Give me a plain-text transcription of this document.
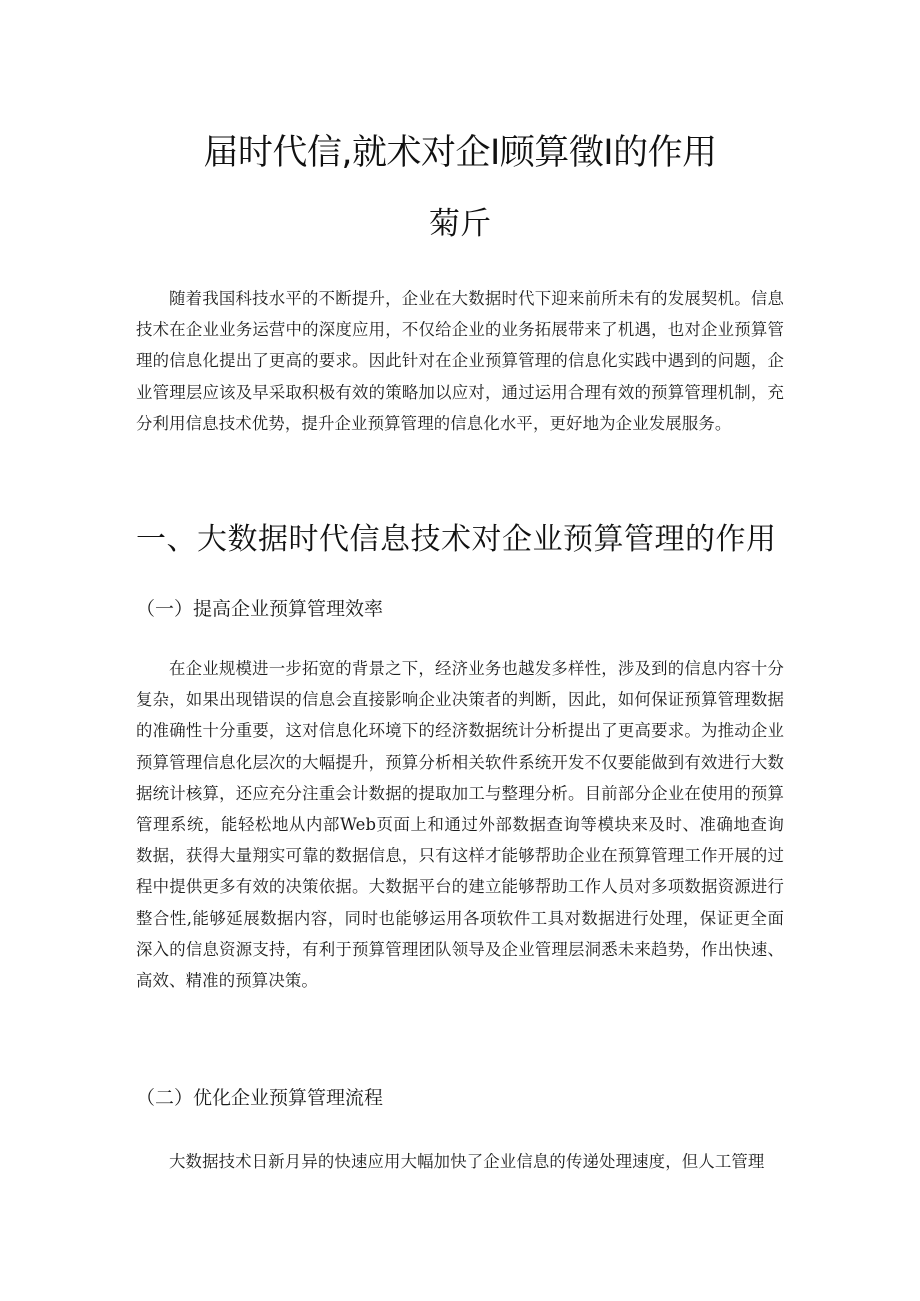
届时代信,就术对企I顾算徵I的作用
菊斤

随着我国科技水平的不断提升，企业在大数据时代下迎来前所未有的发展契机。信息技术在企业业务运营中的深度应用，不仅给企业的业务拓展带来了机遇，也对企业预算管理的信息化提出了更高的要求。因此针对在企业预算管理的信息化实践中遇到的问题，企业管理层应该及早采取积极有效的策略加以应对，通过运用合理有效的预算管理机制，充分利用信息技术优势，提升企业预算管理的信息化水平，更好地为企业发展服务。

一、大数据时代信息技术对企业预算管理的作用
（一）提高企业预算管理效率

在企业规模进一步拓宽的背景之下，经济业务也越发多样性，涉及到的信息内容十分复杂，如果出现错误的信息会直接影响企业决策者的判断，因此，如何保证预算管理数据的准确性十分重要，这对信息化环境下的经济数据统计分析提出了更高要求。为推动企业预算管理信息化层次的大幅提升，预算分析相关软件系统开发不仅要能做到有效进行大数据统计核算，还应充分注重会计数据的提取加工与整理分析。目前部分企业在使用的预算管理系统，能轻松地从内部Web页面上和通过外部数据查询等模块来及时、准确地查询数据，获得大量翔实可靠的数据信息，只有这样才能够帮助企业在预算管理工作开展的过程中提供更多有效的决策依据。大数据平台的建立能够帮助工作人员对多项数据资源进行整合性,能够延展数据内容，同时也能够运用各项软件工具对数据进行处理，保证更全面深入的信息资源支持，有利于预算管理团队领导及企业管理层洞悉未来趋势，作出快速、高效、精准的预算决策。

（二）优化企业预算管理流程

大数据技术日新月异的快速应用大幅加快了企业信息的传递处理速度，但人工管理
